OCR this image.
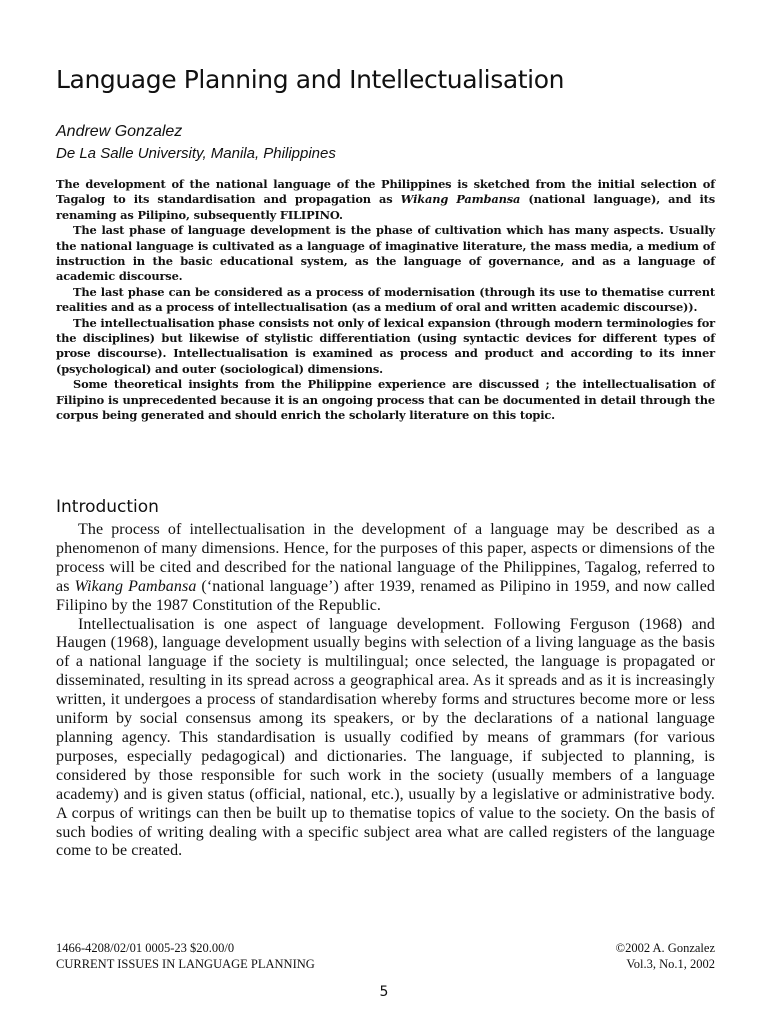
Language Planning and Intellectualisation
Andrew Gonzalez
De La Salle University, Manila, Philippines

The development of the national language of the Philippines is sketched from the initial selection of Tagalog to its standardisation and propagation as Wikang Pambansa (national language), and its renaming as Pilipino, subsequently FILIPINO.

The last phase of language development is the phase of cultivation which has many aspects. Usually the national language is cultivated as a language of imaginative literature, the mass media, a medium of instruction in the basic educational system, as the language of governance, and as a language of academic discourse.

The last phase can be considered as a process of modernisation (through its use to thematise current realities and as a process of intellectualisation (as a medium of oral and written academic discourse)).

The intellectualisation phase consists not only of lexical expansion (through modern terminologies for the disciplines) but likewise of stylistic differentiation (using syntactic devices for different types of prose discourse). Intellectualisation is examined as process and product and according to its inner (psychological) and outer (sociological) dimensions.

Some theoretical insights from the Philippine experience are discussed ; the intellectualisation of Filipino is unprecedented because it is an ongoing process that can be documented in detail through the corpus being generated and should enrich the scholarly literature on this topic.

Introduction

The process of intellectualisation in the development of a language may be described as a phenomenon of many dimensions. Hence, for the purposes of this paper, aspects or dimensions of the process will be cited and described for the national language of the Philippines, Tagalog, referred to as Wikang Pambansa (‘national language’) after 1939, renamed as Pilipino in 1959, and now called Filipino by the 1987 Constitution of the Republic.

Intellectualisation is one aspect of language development. Following Ferguson (1968) and Haugen (1968), language development usually begins with selection of a living language as the basis of a national language if the society is multilingual; once selected, the language is propagated or disseminated, resulting in its spread across a geographical area. As it spreads and as it is increasingly written, it undergoes a process of standardisation whereby forms and structures become more or less uniform by social consensus among its speakers, or by the declarations of a national language planning agency. This standardisation is usually codified by means of grammars (for various purposes, especially pedagogical) and dictionaries. The language, if subjected to planning, is considered by those responsible for such work in the society (usually members of a language academy) and is given status (official, national, etc.), usually by a legislative or administrative body. A corpus of writings can then be built up to thematise topics of value to the society. On the basis of such bodies of writing dealing with a specific subject area what are called registers of the language come to be created.

1466-4208/02/01 0005-23 $20.00/0	©2002 A. Gonzalez
CURRENT ISSUES IN LANGUAGE PLANNING	Vol.3, No.1, 2002
5
